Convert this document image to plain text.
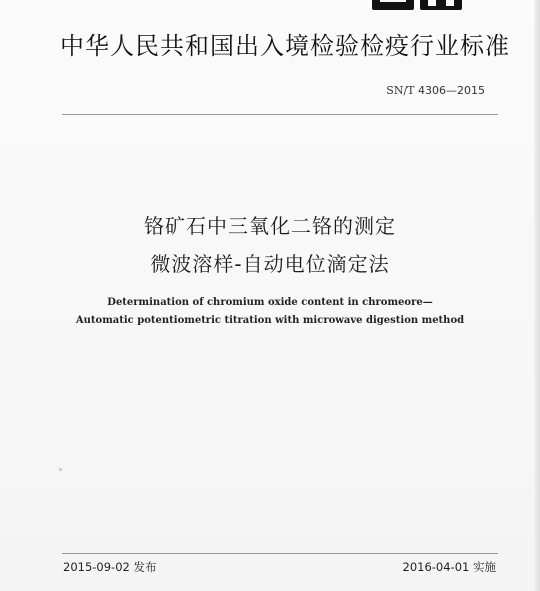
中华人民共和国出入境检验检疫行业标准
SN/T 4306—2015
铬矿石中三氧化二铬的测定
微波溶样-自动电位滴定法
Determination of chromium oxide content in chromeore—
Automatic potentiometric titration with microwave digestion method
2015-09-02 发布	2016-04-01 实施
